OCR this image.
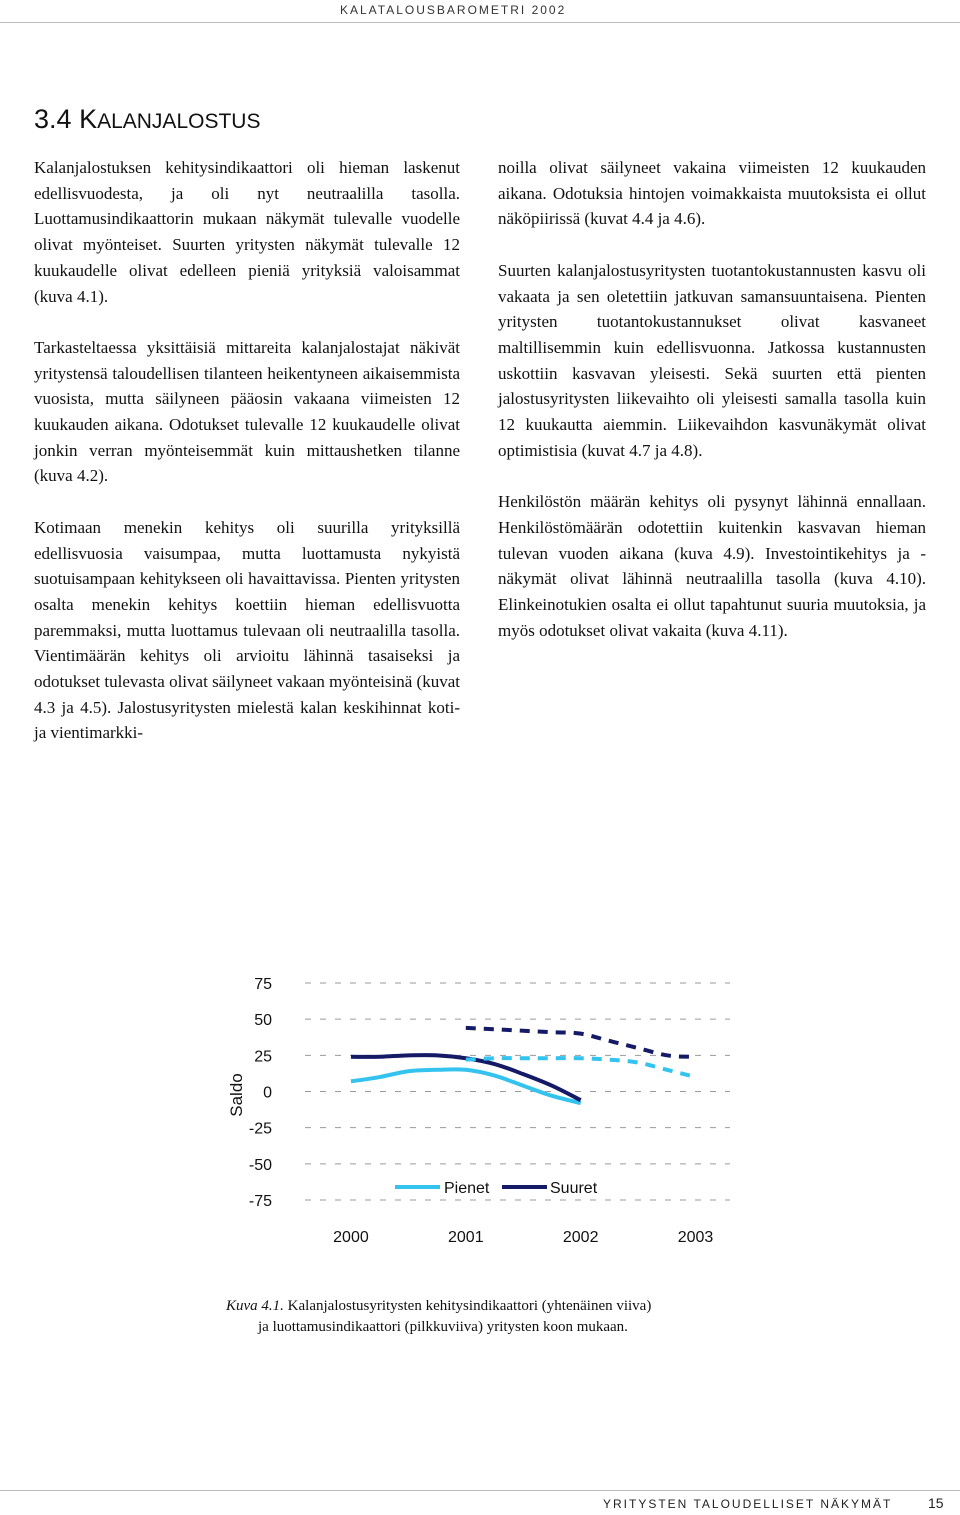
KALATALOUSBAROMETRI 2002
3.4 KALANJALOSTUS

Kalanjalostuksen kehitysindikaattori oli hieman laskenut edellisvuodesta, ja oli nyt neutraalilla tasolla. Luottamusindikaattorin mukaan näkymät tulevalle vuodelle olivat myönteiset. Suurten yritysten näkymät tulevalle 12 kuukaudelle olivat edelleen pieniä yrityksiä valoisammat (kuva 4.1).

Tarkasteltaessa yksittäisiä mittareita kalanjalostajat näkivät yritystensä taloudellisen tilanteen heikentyneen aikaisemmista vuosista, mutta säilyneen pääosin vakaana viimeisten 12 kuukauden aikana. Odotukset tulevalle 12 kuukaudelle olivat jonkin verran myönteisemmät kuin mittaushetken tilanne (kuva 4.2).

Kotimaan menekin kehitys oli suurilla yrityksillä edellisvuosia vaisumpaa, mutta luottamusta nykyistä suotuisampaan kehitykseen oli havaittavissa. Pienten yritysten osalta menekin kehitys koettiin hieman edellisvuotta paremmaksi, mutta luottamus tulevaan oli neutraalilla tasolla. Vientimäärän kehitys oli arvioitu lähinnä tasaiseksi ja odotukset tulevasta olivat säilyneet vakaan myönteisinä (kuvat 4.3 ja 4.5). Jalostusyritysten mielestä kalan keskihinnat koti- ja vientimarkki-

noilla olivat säilyneet vakaina viimeisten 12 kuukauden aikana. Odotuksia hintojen voimakkaista muutoksista ei ollut näköpiirissä (kuvat 4.4 ja 4.6).

Suurten kalanjalostusyritysten tuotantokustannusten kasvu oli vakaata ja sen oletettiin jatkuvan samansuuntaisena. Pienten yritysten tuotantokustannukset olivat kasvaneet maltillisemmin kuin edellisvuonna. Jatkossa kustannusten uskottiin kasvavan yleisesti. Sekä suurten että pienten jalostusyritysten liikevaihto oli yleisesti samalla tasolla kuin 12 kuukautta aiemmin. Liikevaihdon kasvunäkymät olivat optimistisia (kuvat 4.7 ja 4.8).

Henkilöstön määrän kehitys oli pysynyt lähinnä ennallaan. Henkilöstömäärän odotettiin kuitenkin kasvavan hieman tulevan vuoden aikana (kuva 4.9). Investointikehitys ja -näkymät olivat lähinnä neutraalilla tasolla (kuva 4.10). Elinkeinotukien osalta ei ollut tapahtunut suuria muutoksia, ja myös odotukset olivat vakaita (kuva 4.11).

75
50
25
0
-25
-50
-75
2000	2001	2002	2003
Saldo
Pienet	Suuret
Kuva 4.1. Kalanjalostusyritysten kehitysindikaattori (yhtenäinen viiva)
ja luottamusindikaattori (pilkkuviiva) yritysten koon mukaan.
YRITYSTEN TALOUDELLISET NÄKYMÄT	15
